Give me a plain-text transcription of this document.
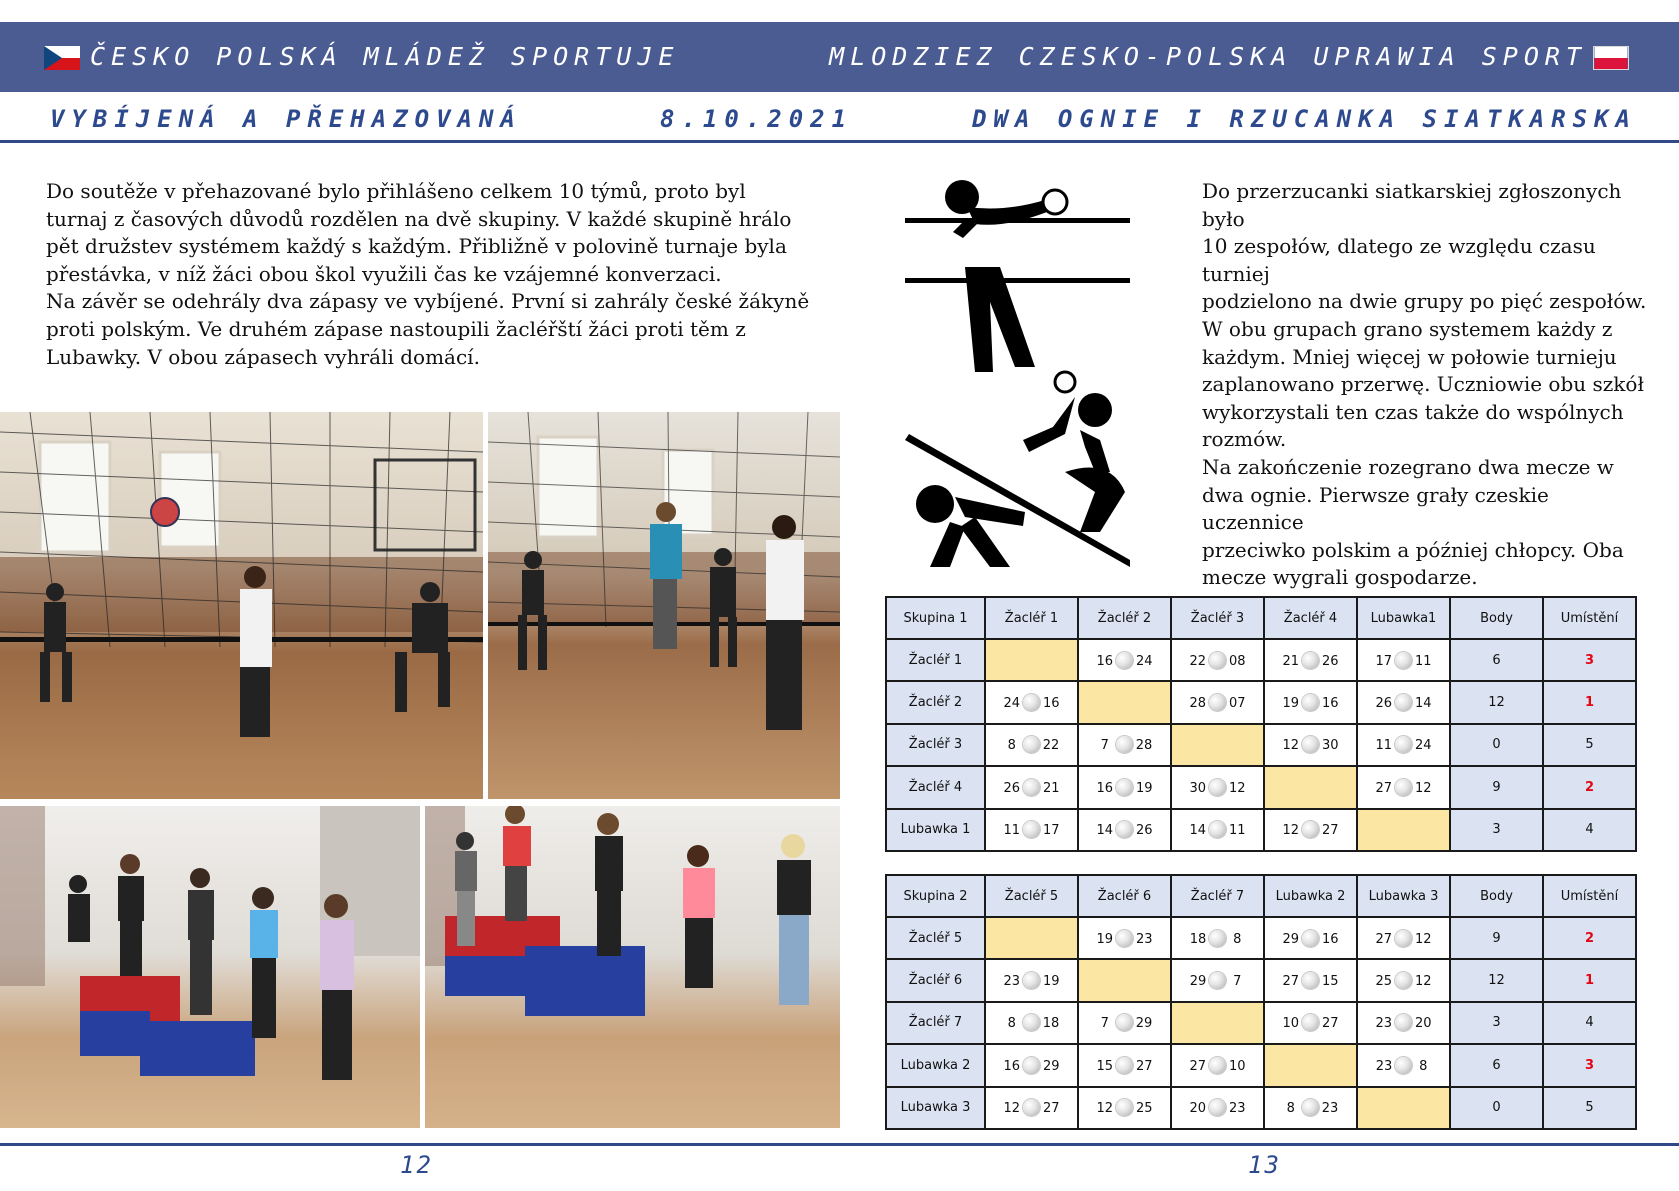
ČESKO POLSKÁ MLÁDEŽ SPORTUJE	MLODZIEZ CZESKO-POLSKA UPRAWIA SPORT
VYBÍJENÁ A PŘEHAZOVANÁ	8.10.2021	DWA OGNIE I RZUCANKA SIATKARSKA
Do soutěže v přehazované bylo přihlášeno celkem 10 týmů, proto byl
turnaj z časových důvodů rozdělen na dvě skupiny. V každé skupině hrálo
pět družstev systémem každý s každým. Přibližně v polovině turnaje byla
přestávka, v níž žáci obou škol využili čas ke vzájemné konverzaci.
Na závěr se odehrály dva zápasy ve vybíjené. První si zahrály české žákyně
proti polským. Ve druhém zápase nastoupili žacléřští žáci proti těm z
Lubawky. V obou zápasech vyhráli domácí.
Do przerzucanki siatkarskiej zgłoszonych było
10 zespołów, dlatego ze względu czasu turniej
podzielono na dwie grupy po pięć zespołów.
W obu grupach grano systemem każdy z
każdym. Mniej więcej w połowie turnieju
zaplanowano przerwę. Uczniowie obu szkół
wykorzystali ten czas także do wspólnych
rozmów.
Na zakończenie rozegrano dwa mecze w
dwa ognie. Pierwsze grały czeskie uczennice
przeciwko polskim a później chłopcy. Oba
mecze wygrali gospodarze.
Skupina 1	Žacléř 1	Žacléř 2	Žacléř 3	Žacléř 4	Lubawka1	Body	Umístění
Žacléř 1		16 24	22 08	21 26	17 11	6	3
Žacléř 2	24 16		28 07	19 16	26 14	12	1
Žacléř 3	8 22	7 28		12 30	11 24	0	5
Žacléř 4	26 21	16 19	30 12		27 12	9	2
Lubawka 1	11 17	14 26	14 11	12 27		3	4
Skupina 2	Žacléř 5	Žacléř 6	Žacléř 7	Lubawka 2	Lubawka 3	Body	Umístění
Žacléř 5		19 23	18 8	29 16	27 12	9	2
Žacléř 6	23 19		29 7	27 15	25 12	12	1
Žacléř 7	8 18	7 29		10 27	23 20	3	4
Lubawka 2	16 29	15 27	27 10		23 8	6	3
Lubawka 3	12 27	12 25	20 23	8 23		0	5
12	13
